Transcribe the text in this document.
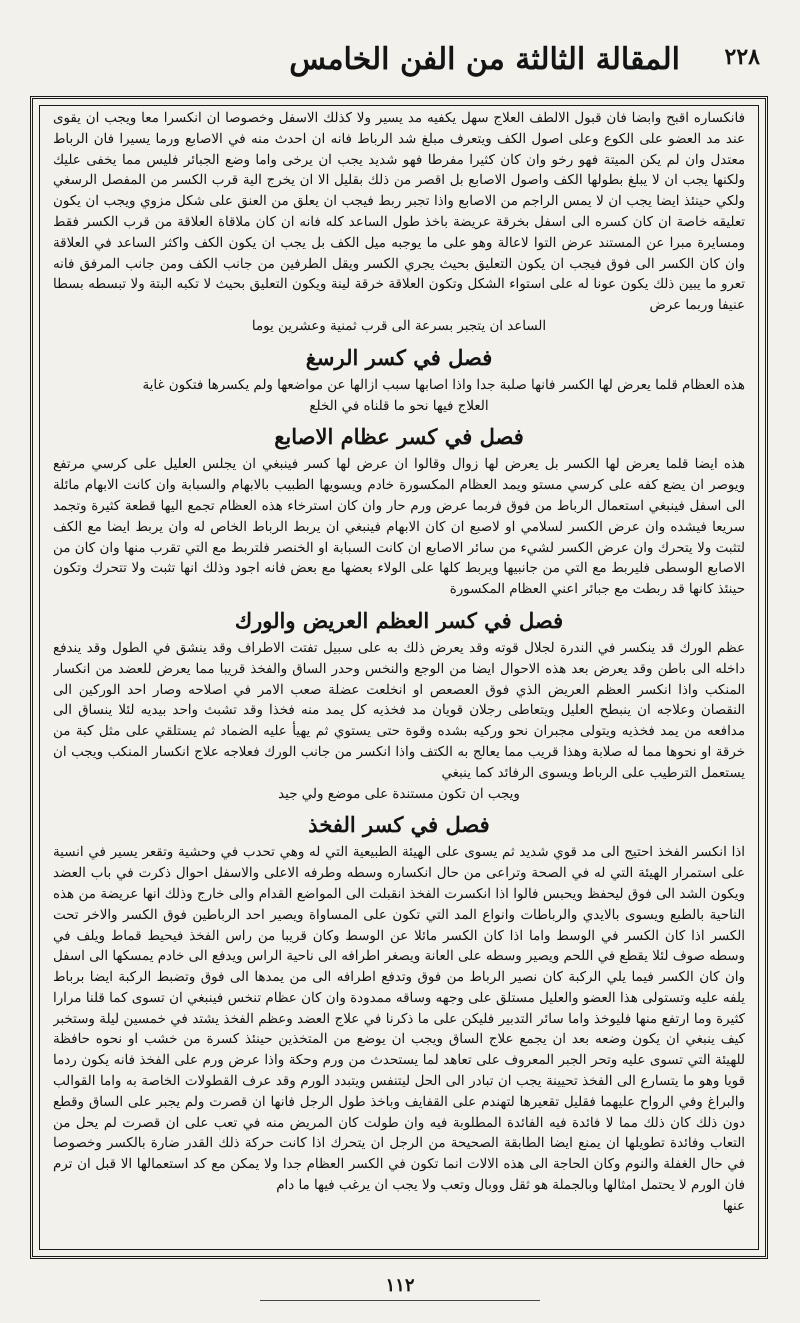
٢٢٨
المقالة الثالثة من الفن الخامس

فانكساره اقبح وابضا فان قبول الالطف العلاج سهل يكفيه مد يسير ولا كذلك الاسفل وخصوصا ان انكسرا معا ويجب ان يقوى عند مد العضو على الكوع وعلى اصول الكف ويتعرف مبلغ شد الرباط فانه ان احدث منه في الاصابع ورما يسيرا فان الرباط معتدل وان لم يكن الميتة فهو رخو وان كان كثيرا مفرطا فهو شديد يجب ان يرخى واما وضع الجبائر فليس مما يخفى عليك ولكنها يجب ان لا يبلغ بطولها الكف واصول الاصابع بل اقصر من ذلك بقليل الا ان يخرج الية قرب الكسر من المفصل الرسغي ولكي حينئذ ايضا يجب ان لا يمس الراجم من الاصابع واذا تجبر ربط فيجب ان يعلق من العنق على شكل مزوي ويجب ان يكون تعليقه خاصة ان كان كسره الى اسفل بخرقة عريضة باخذ طول الساعد كله فانه ان كان ملاقاة العلاقة من قرب الكسر فقط ومسايرة مبرا عن المستند عرض التوا لاعالة وهو على ما يوجبه ميل الكف بل يجب ان يكون الكف واكثر الساعد في العلاقة وان كان الكسر الى فوق فيجب ان يكون التعليق بحيث يجري الكسر ويقل الطرفين من جانب الكف ومن جانب المرفق فانه تعرو ما يبين ذلك يكون عونا له على استواء الشكل وتكون العلاقة خرقة لينة ويكون التعليق بحيث لا تكبه البتة ولا تبسطه بسطا عنيفا وربما عرض

الساعد ان يتجبر بسرعة الى قرب ثمنية وعشرين يوما

فصل في كسر الرسغ

هذه العظام قلما يعرض لها الكسر فانها صلبة جدا واذا اصابها سبب ازالها عن مواضعها ولم يكسرها فتكون غاية

العلاج فيها نحو ما قلناه في الخلع

فصل في كسر عظام الاصابع

هذه ايضا قلما يعرض لها الكسر بل يعرض لها زوال وقالوا ان عرض لها كسر فينبغي ان يجلس العليل على كرسي مرتفع ويوصر ان يضع كفه على كرسي مستو ويمد العظام المكسورة خادم ويسويها الطبيب بالابهام والسبابة وان كانت الابهام مائلة الى اسفل فينبغي استعمال الرباط من فوق فربما عرض ورم حار وان كان استرخاء هذه العظام تجمع اليها قطعة كثيرة وتجمد سريعا فيشده وان عرض الكسر لسلامي او لاصبع ان كان الابهام فينبغي ان يربط الرباط الخاص له وان يربط ايضا مع الكف لتثبت ولا يتحرك وان عرض الكسر لشيء من سائر الاصابع ان كانت السبابة او الخنصر فلتربط مع التي تقرب منها وان كان من الاصابع الوسطى فليربط مع التي من جانبيها ويربط كلها على الولاء بعضها مع بعض فانه اجود وذلك انها تثبت ولا تتحرك وتكون حينئذ كانها قد ربطت مع جبائر اعني العظام المكسورة

فصل في كسر العظم العريض والورك

عظم الورك قد ينكسر في الندرة لجلال قوته وقد يعرض ذلك به على سبيل تفتت الاطراف وقد ينشق في الطول وقد يندفع داخله الى باطن وقد يعرض بعد هذه الاحوال ايضا من الوجع والنخس وحدر الساق والفخذ قريبا مما يعرض للعضد من انكسار المنكب واذا انكسر العظم العريض الذي فوق العصعص او انخلعت عضلة صعب الامر في اصلاحه وصار احد الوركين الى النقصان وعلاجه ان ينبطح العليل ويتعاطى رجلان قويان مد فخذيه كل يمد منه فخذا وقد تشبث واحد بيديه لئلا ينساق الى مدافعه من يمد فخذيه ويتولى مجبران نحو وركيه بشده وقوة حتى يستوي ثم يهيأ عليه الضماد ثم يستلقي على مثل كبة من خرقة او نحوها مما له صلابة وهذا قريب مما يعالج به الكتف واذا انكسر من جانب الورك فعلاجه علاج انكسار المنكب ويجب ان يستعمل الترطيب على الرباط ويسوى الرفائد كما ينبغي

ويجب ان تكون مستندة على موضع ولي جيد

فصل في كسر الفخذ

اذا انكسر الفخذ احتيج الى مد قوي شديد ثم يسوى على الهيئة الطبيعية التي له وهي تحدب في وحشية وتقعر يسير في انسية على استمرار الهيئة التي له في الصحة وتراعى من حال انكساره وسطه وطرفه الاعلى والاسفل احوال ذكرت في باب العضد ويكون الشد الى فوق ليحفظ ويحبس فالوا اذا انكسرت الفخذ انقبلت الى المواضع القدام والى خارج وذلك انها عريضة من هذه الناحية بالطبع ويسوى بالايدي والرباطات وانواع المد التي تكون على المساواة ويصير احد الرباطين فوق الكسر والاخر تحت الكسر اذا كان الكسر في الوسط واما اذا كان الكسر مائلا عن الوسط وكان قريبا من راس الفخذ فيحيط قماط ويلف في وسطه صوف لئلا يقطع في اللحم ويصير وسطه على العانة ويصغر اطرافه الى ناحية الراس ويدفع الى خادم يمسكها الى اسفل وان كان الكسر فيما يلي الركبة كان نصير الرباط من فوق وتدفع اطرافه الى من يمدها الى فوق وتضبط الركبة ايضا برباط يلفه عليه وتستولى هذا العضو والعليل مستلق على وجهه وساقه ممدودة وان كان عظام تنخس فينبغي ان تسوى كما قلنا مرارا كثيرة وما ارتفع منها فليوخذ واما سائر التدبير فليكن على ما ذكرنا في علاج العضد وعظم الفخذ يشتد في خمسين ليلة وستخبر كيف ينبغي ان يكون وضعه بعد ان يجمع علاج الساق ويجب ان يوضع من المتخذين حينئذ كسرة من خشب او نحوه حافظة للهيئة التي تسوى عليه وتحر الجبر المعروف على تعاهد لما يستحدث من ورم وحكة واذا عرض ورم على الفخذ فانه يكون ردما قويا وهو ما يتسارع الى الفخذ تحيينة يجب ان تبادر الى الحل ليتنفس ويتبدد الورم وقد عرف القطولات الخاصة به واما القوالب والبراغ وفي الرواح عليهما فقليل تقعيرها لتهندم على القفايف وباخذ طول الرجل فانها ان قصرت ولم يجبر على الساق وقطع دون ذلك كان ذلك مما لا فائدة فيه الفائدة المطلوبة فيه وان طولت كان المريض منه في تعب على ان قصرت لم يحل من التعاب وفائدة تطويلها ان يمنع ايضا الطابقة الصحيحة من الرجل ان يتحرك اذا كانت حركة ذلك القدر ضارة بالكسر وخصوصا في حال الغفلة والنوم وكان الحاجة الى هذه الالات انما تكون في الكسر العظام جدا ولا يمكن مع كد استعمالها الا قبل ان ترم فان الورم لا يحتمل امثالها وبالجملة هو ثقل ووبال وتعب ولا يجب ان يرغب فيها ما دام

عنها

١١٢
